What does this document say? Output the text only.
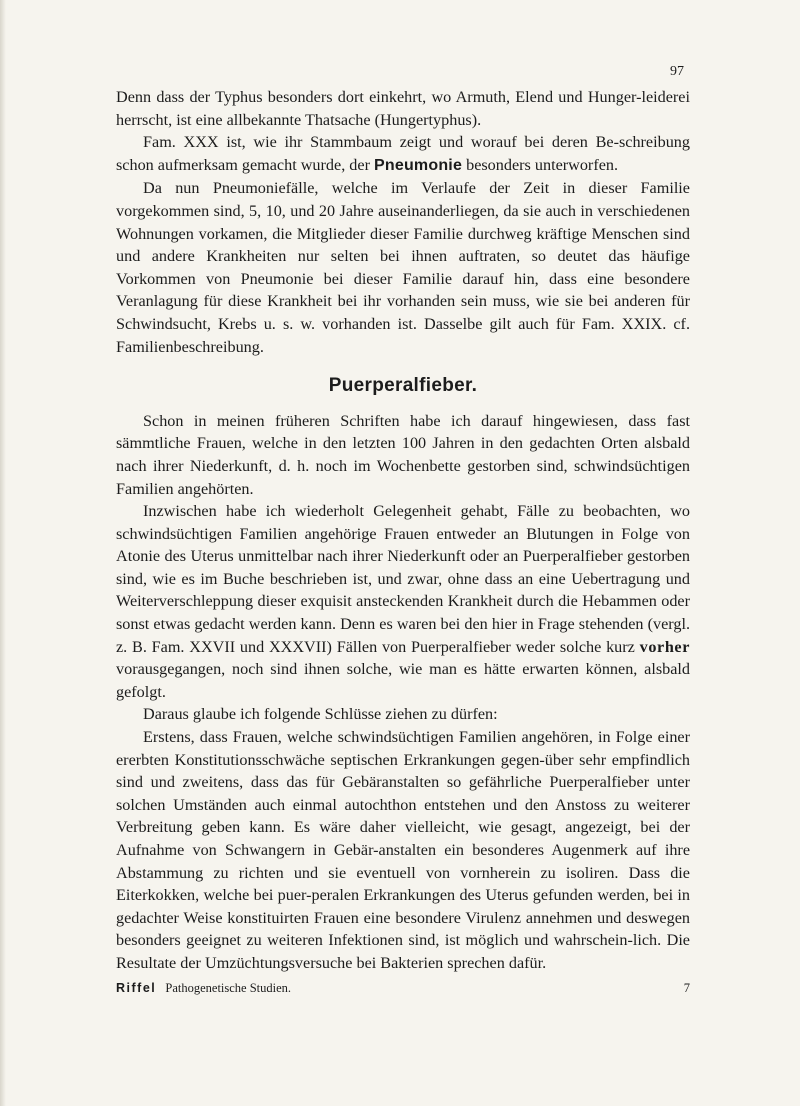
97

Denn dass der Typhus besonders dort einkehrt, wo Armuth, Elend und Hunger-leiderei herrscht, ist eine allbekannte Thatsache (Hungertyphus).

Fam. XXX ist, wie ihr Stammbaum zeigt und worauf bei deren Be-schreibung schon aufmerksam gemacht wurde, der Pneumonie besonders unterworfen.

Da nun Pneumoniefälle, welche im Verlaufe der Zeit in dieser Familie vorgekommen sind, 5, 10, und 20 Jahre auseinanderliegen, da sie auch in verschiedenen Wohnungen vorkamen, die Mitglieder dieser Familie durchweg kräftige Menschen sind und andere Krankheiten nur selten bei ihnen auftraten, so deutet das häufige Vorkommen von Pneumonie bei dieser Familie darauf hin, dass eine besondere Veranlagung für diese Krankheit bei ihr vorhanden sein muss, wie sie bei anderen für Schwindsucht, Krebs u. s. w. vorhanden ist. Dasselbe gilt auch für Fam. XXIX. cf. Familienbeschreibung.

Puerperalfieber.

Schon in meinen früheren Schriften habe ich darauf hingewiesen, dass fast sämmtliche Frauen, welche in den letzten 100 Jahren in den gedachten Orten alsbald nach ihrer Niederkunft, d. h. noch im Wochenbette gestorben sind, schwindsüchtigen Familien angehörten.

Inzwischen habe ich wiederholt Gelegenheit gehabt, Fälle zu beobachten, wo schwindsüchtigen Familien angehörige Frauen entweder an Blutungen in Folge von Atonie des Uterus unmittelbar nach ihrer Niederkunft oder an Puerperalfieber gestorben sind, wie es im Buche beschrieben ist, und zwar, ohne dass an eine Uebertragung und Weiterverschleppung dieser exquisit ansteckenden Krankheit durch die Hebammen oder sonst etwas gedacht werden kann. Denn es waren bei den hier in Frage stehenden (vergl. z. B. Fam. XXVII und XXXVII) Fällen von Puerperalfieber weder solche kurz vorher vorausgegangen, noch sind ihnen solche, wie man es hätte erwarten können, alsbald gefolgt.

Daraus glaube ich folgende Schlüsse ziehen zu dürfen:

Erstens, dass Frauen, welche schwindsüchtigen Familien angehören, in Folge einer ererbten Konstitutionsschwäche septischen Erkrankungen gegen-über sehr empfindlich sind und zweitens, dass das für Gebäranstalten so gefährliche Puerperalfieber unter solchen Umständen auch einmal autochthon entstehen und den Anstoss zu weiterer Verbreitung geben kann. Es wäre daher vielleicht, wie gesagt, angezeigt, bei der Aufnahme von Schwangern in Gebär-anstalten ein besonderes Augenmerk auf ihre Abstammung zu richten und sie eventuell von vornherein zu isoliren. Dass die Eiterkokken, welche bei puer-peralen Erkrankungen des Uterus gefunden werden, bei in gedachter Weise konstituirten Frauen eine besondere Virulenz annehmen und deswegen besonders geeignet zu weiteren Infektionen sind, ist möglich und wahrschein-lich. Die Resultate der Umzüchtungsversuche bei Bakterien sprechen dafür.

Riffel Pathogenetische Studien.	7
